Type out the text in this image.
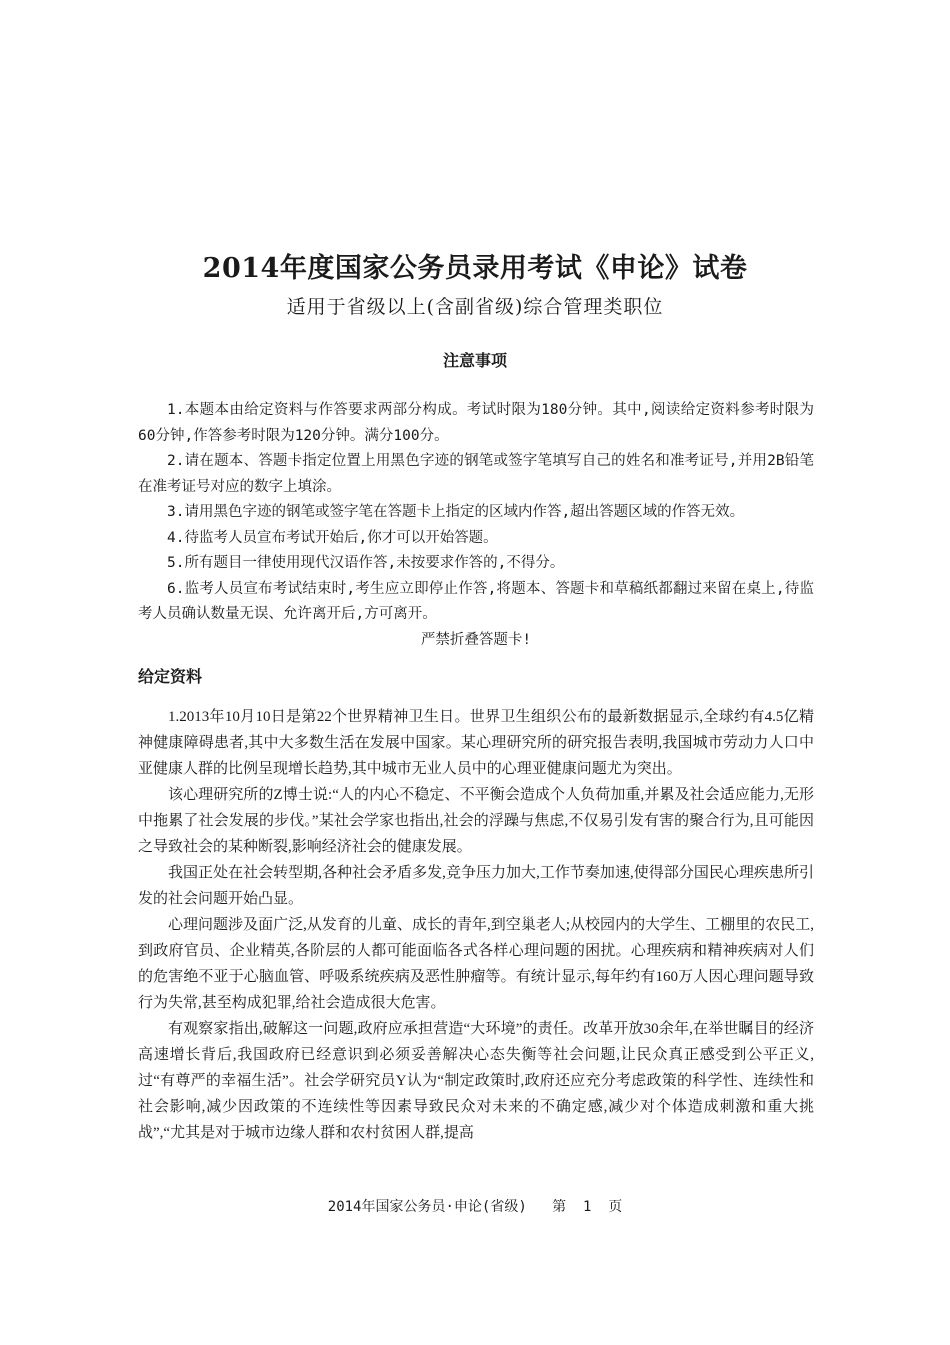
2014年度国家公务员录用考试《申论》试卷
适用于省级以上(含副省级)综合管理类职位
注意事项

1.本题本由给定资料与作答要求两部分构成。考试时限为180分钟。其中,阅读给定资料参考时限为60分钟,作答参考时限为120分钟。满分100分。

2.请在题本、答题卡指定位置上用黑色字迹的钢笔或签字笔填写自己的姓名和准考证号,并用2B铅笔在准考证号对应的数字上填涂。

3.请用黑色字迹的钢笔或签字笔在答题卡上指定的区域内作答,超出答题区域的作答无效。

4.待监考人员宣布考试开始后,你才可以开始答题。

5.所有题目一律使用现代汉语作答,未按要求作答的,不得分。

6.监考人员宣布考试结束时,考生应立即停止作答,将题本、答题卡和草稿纸都翻过来留在桌上,待监考人员确认数量无误、允许离开后,方可离开。

严禁折叠答题卡!

给定资料

1.2013年10月10日是第22个世界精神卫生日。世界卫生组织公布的最新数据显示,全球约有4.5亿精神健康障碍患者,其中大多数生活在发展中国家。某心理研究所的研究报告表明,我国城市劳动力人口中亚健康人群的比例呈现增长趋势,其中城市无业人员中的心理亚健康问题尤为突出。

该心理研究所的Z博士说:“人的内心不稳定、不平衡会造成个人负荷加重,并累及社会适应能力,无形中拖累了社会发展的步伐。”某社会学家也指出,社会的浮躁与焦虑,不仅易引发有害的聚合行为,且可能因之导致社会的某种断裂,影响经济社会的健康发展。

我国正处在社会转型期,各种社会矛盾多发,竞争压力加大,工作节奏加速,使得部分国民心理疾患所引发的社会问题开始凸显。

心理问题涉及面广泛,从发育的儿童、成长的青年,到空巢老人;从校园内的大学生、工棚里的农民工,到政府官员、企业精英,各阶层的人都可能面临各式各样心理问题的困扰。心理疾病和精神疾病对人们的危害绝不亚于心脑血管、呼吸系统疾病及恶性肿瘤等。有统计显示,每年约有160万人因心理问题导致行为失常,甚至构成犯罪,给社会造成很大危害。

有观察家指出,破解这一问题,政府应承担营造“大环境”的责任。改革开放30余年,在举世瞩目的经济高速增长背后,我国政府已经意识到必须妥善解决心态失衡等社会问题,让民众真正感受到公平正义,过“有尊严的幸福生活”。社会学研究员Y认为“制定政策时,政府还应充分考虑政策的科学性、连续性和社会影响,减少因政策的不连续性等因素导致民众对未来的不确定感,减少对个体造成刺激和重大挑战”,“尤其是对于城市边缘人群和农村贫困人群,提高

2014年国家公务员·申论(省级) 第 1 页
